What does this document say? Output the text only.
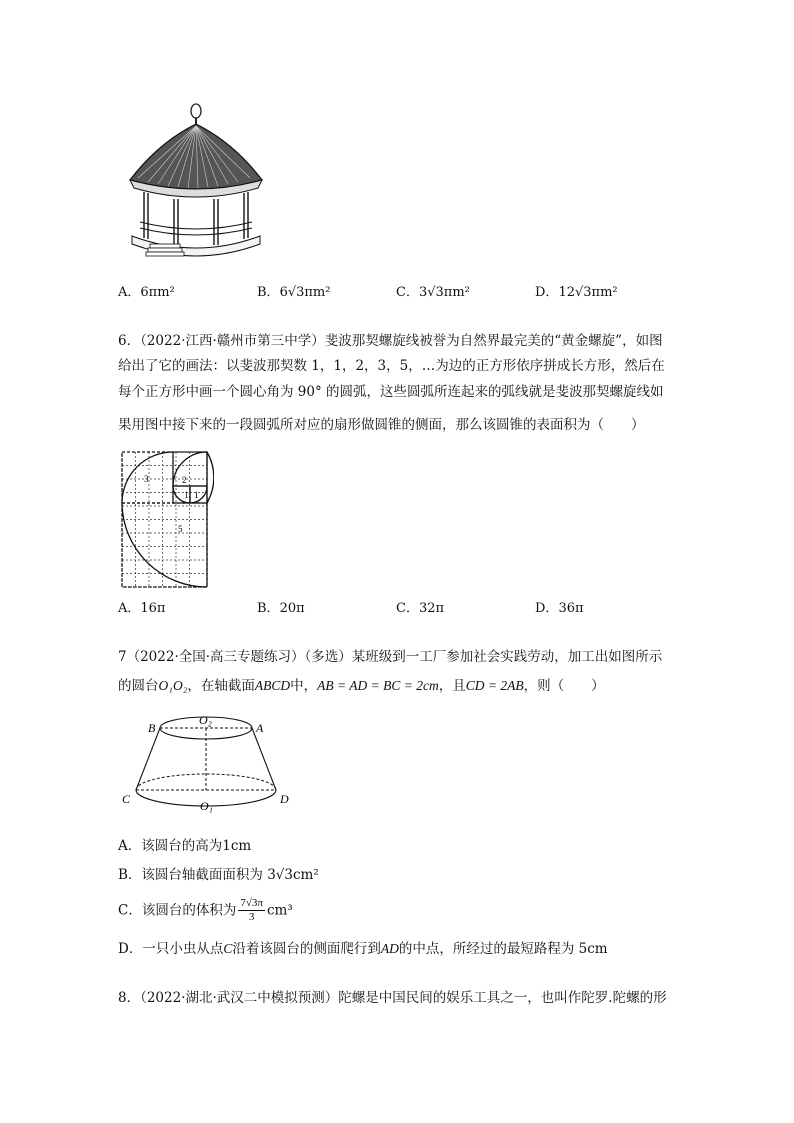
A．6πm²	B．6√3πm²	C．3√3πm²	D．12√3πm²
6．（2022·江西·赣州市第三中学）斐波那契螺旋线被誉为自然界最完美的“黄金螺旋”，如图
给出了它的画法：以斐波那契数 1，1，2，3，5，…为边的正方形依序拼成长方形，然后在
每个正方形中画一个圆心角为 90° 的圆弧，这些圆弧所连起来的弧线就是斐波那契螺旋线如
果用图中接下来的一段圆弧所对应的扇形做圆锥的侧面，那么该圆锥的表面积为（　　）
3	2
1 1
5
A．16π	B．20π	C．32π	D．36π
7（2022·全国·高三专题练习）（多选）某班级到一工厂参加社会实践劳动，加工出如图所示
的圆台O₁O₂，在轴截面ABCD中，AB = AD = BC = 2cm，且CD = 2AB，则（　　）
B
O₂
A
C	O₁	D
A．该圆台的高为1cm
B．该圆台轴截面面积为 3√3cm²
C．该圆台的体积为 $\frac{7√3\pi}{3} cm^3$
D．一只小虫从点C沿着该圆台的侧面爬行到AD的中点，所经过的最短路程为 5cm
8．（2022·湖北·武汉二中模拟预测）陀螺是中国民间的娱乐工具之一，也叫作陀罗.陀螺的形
